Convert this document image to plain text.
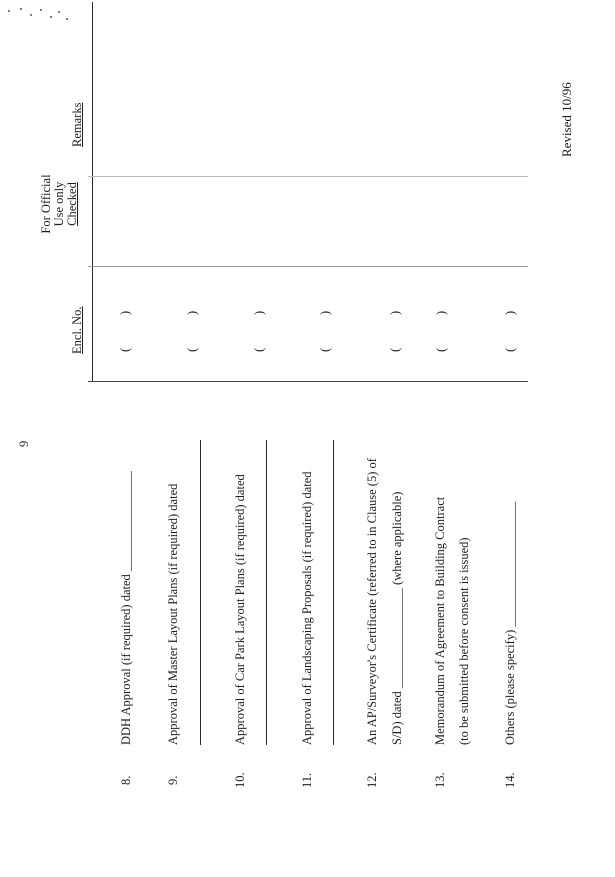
9
Revised 10/96
Encl. No.
For Official Use only Checked
Remarks
8.
DDH Approval (if required) dated ________________
(          )
9.
Approval of Master Layout Plans (if required) dated
(          )
10.
Approval of Car Park Layout Plans (if required) dated
(          )
11.
Approval of Landscaping Proposals (if required) dated
(          )
12.
An AP/Surveyor's Certificate (referred to in Clause (5) of S/D) dated ________________ (where applicable)
(          )
13.
Memorandum of Agreement to Building Contract (to be submitted before consent is issued)
(          )
14.
Others (please specify) ____________________
(          )
